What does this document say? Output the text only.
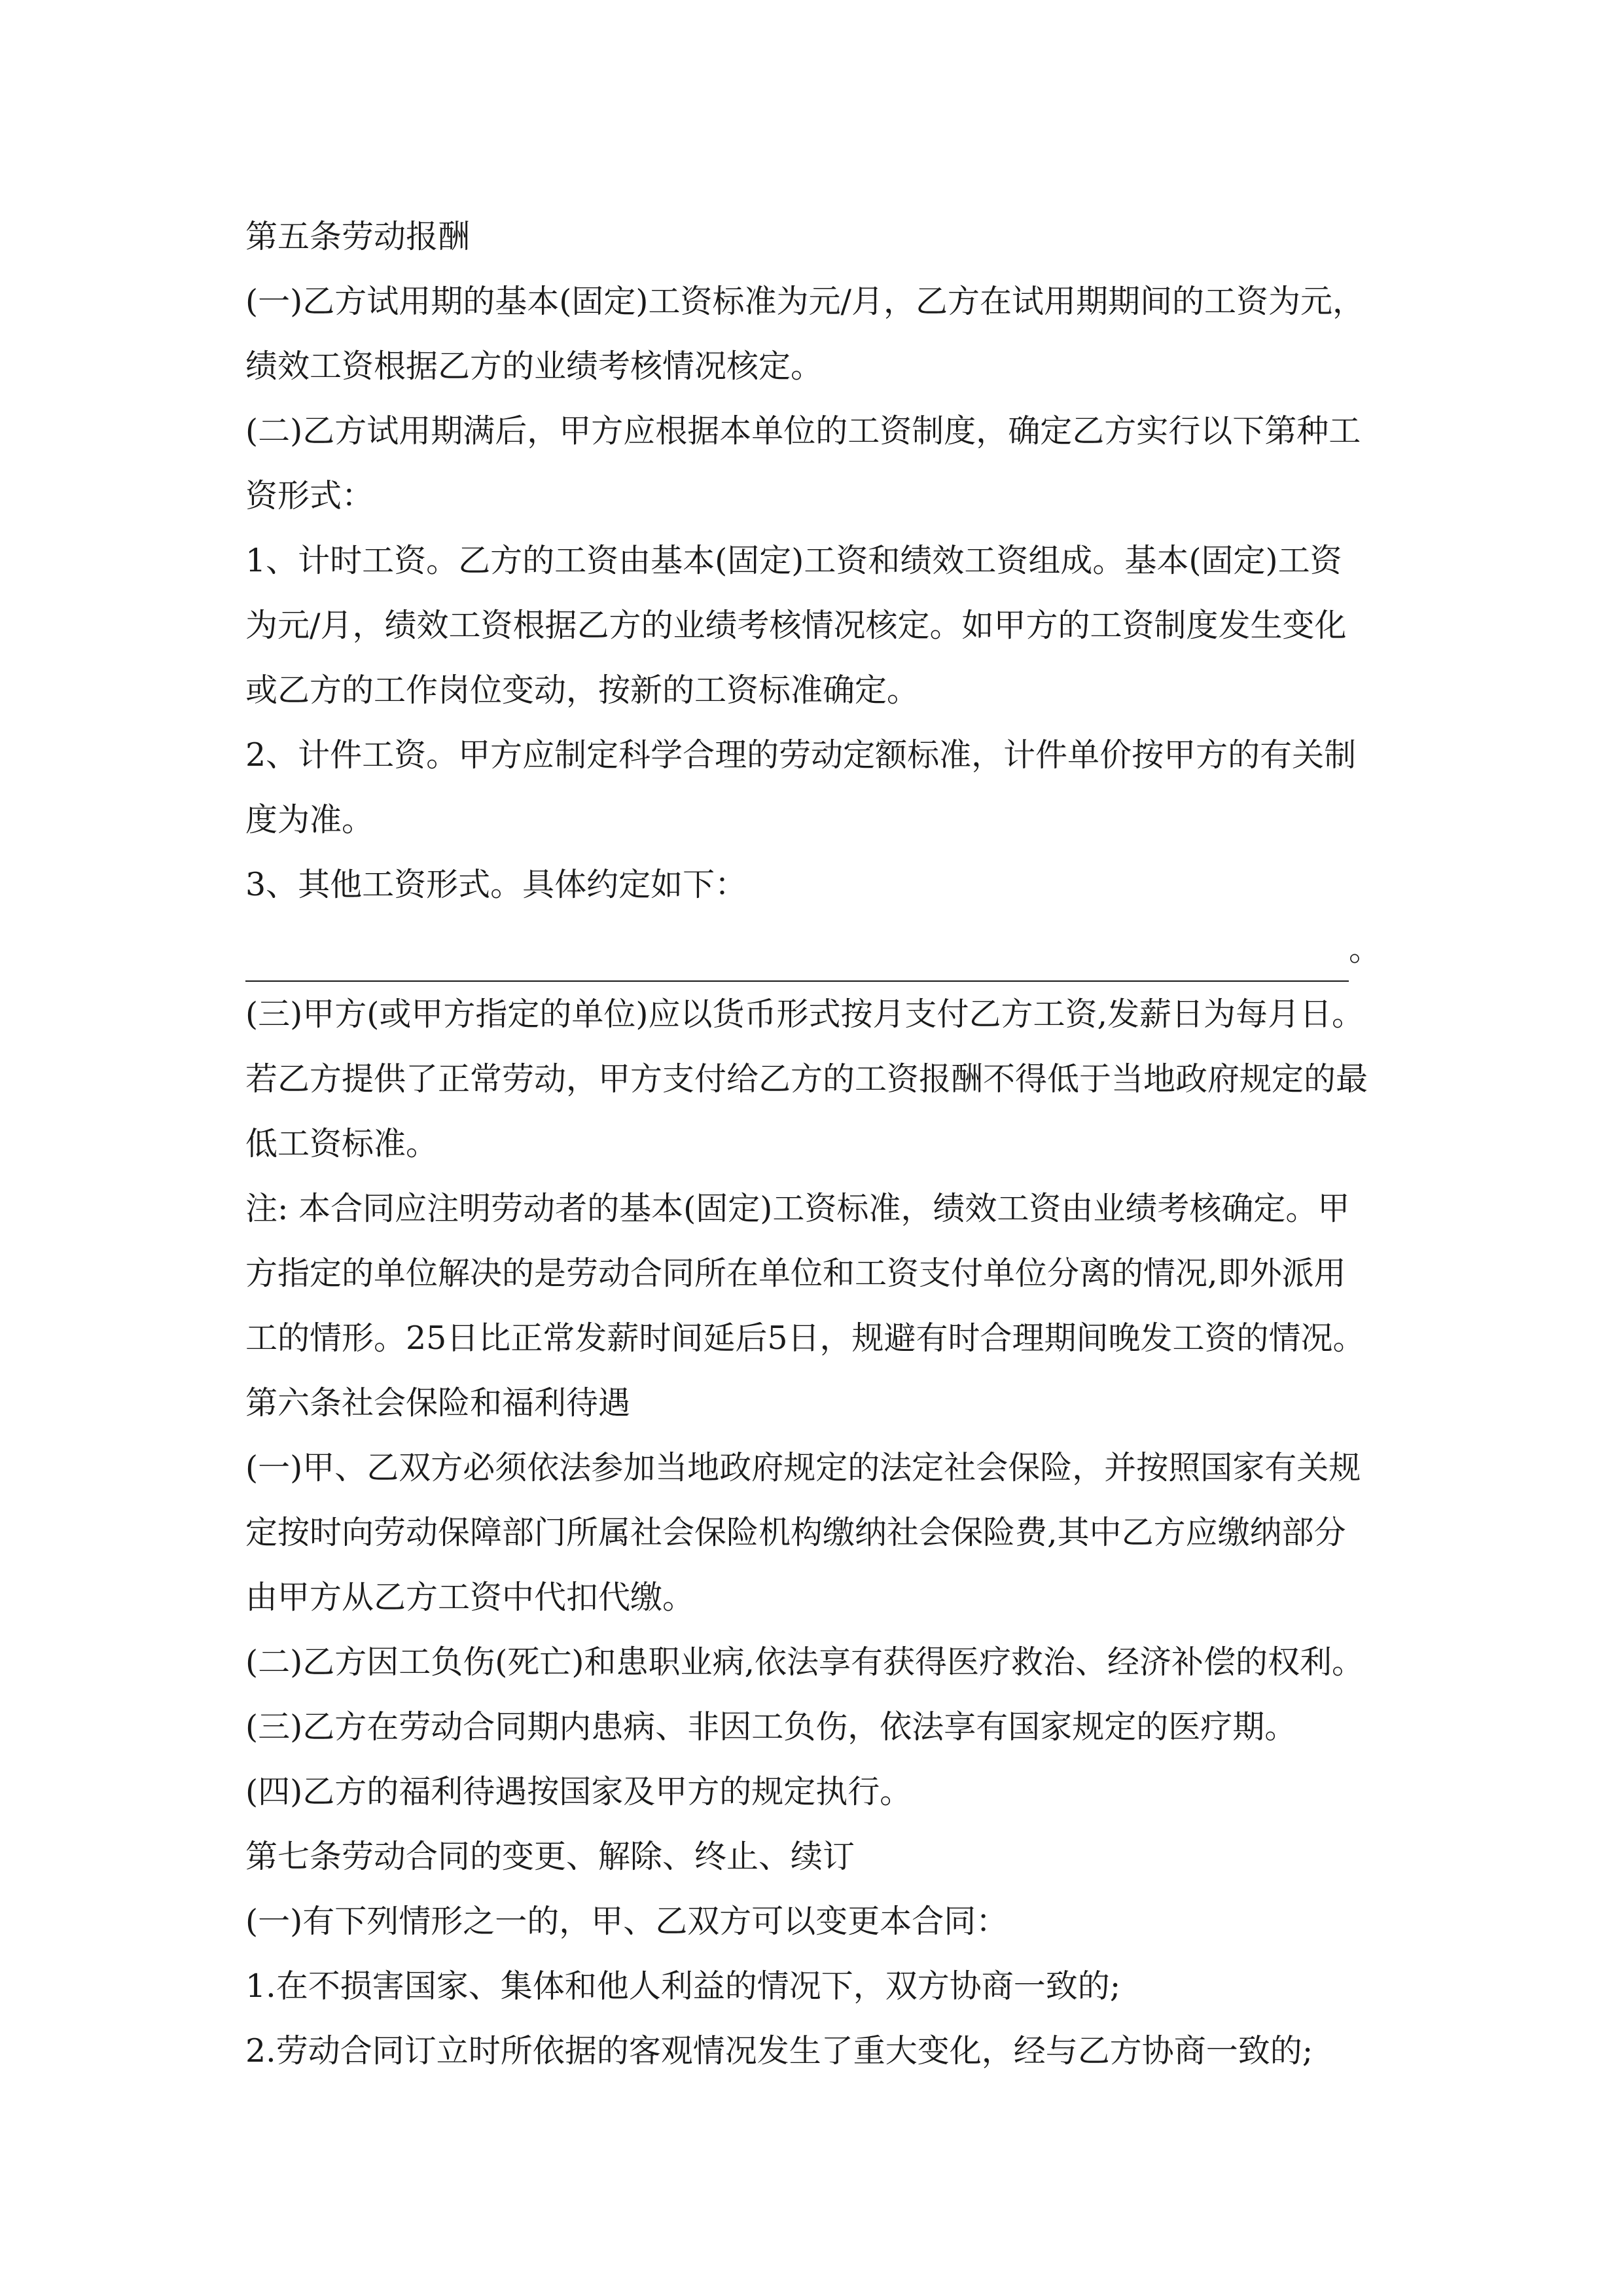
第五条劳动报酬

(一)乙方试用期的基本(固定)工资标准为元/月，乙方在试用期期间的工资为元，

绩效工资根据乙方的业绩考核情况核定。

(二)乙方试用期满后，甲方应根据本单位的工资制度，确定乙方实行以下第种工

资形式：

1、计时工资。乙方的工资由基本(固定)工资和绩效工资组成。基本(固定)工资

为元/月，绩效工资根据乙方的业绩考核情况核定。如甲方的工资制度发生变化

或乙方的工作岗位变动，按新的工资标准确定。

2、计件工资。甲方应制定科学合理的劳动定额标准，计件单价按甲方的有关制

度为准。

3、其他工资形式。具体约定如下：

。

(三)甲方(或甲方指定的单位)应以货币形式按月支付乙方工资,发薪日为每月日。

若乙方提供了正常劳动，甲方支付给乙方的工资报酬不得低于当地政府规定的最

低工资标准。

注: 本合同应注明劳动者的基本(固定)工资标准，绩效工资由业绩考核确定。甲

方指定的单位解决的是劳动合同所在单位和工资支付单位分离的情况,即外派用

工的情形。25日比正常发薪时间延后5日，规避有时合理期间晚发工资的情况。

第六条社会保险和福利待遇

(一)甲、乙双方必须依法参加当地政府规定的法定社会保险，并按照国家有关规

定按时向劳动保障部门所属社会保险机构缴纳社会保险费,其中乙方应缴纳部分

由甲方从乙方工资中代扣代缴。

(二)乙方因工负伤(死亡)和患职业病,依法享有获得医疗救治、经济补偿的权利。

(三)乙方在劳动合同期内患病、非因工负伤，依法享有国家规定的医疗期。

(四)乙方的福利待遇按国家及甲方的规定执行。

第七条劳动合同的变更、解除、终止、续订

(一)有下列情形之一的，甲、乙双方可以变更本合同：

1.在不损害国家、集体和他人利益的情况下，双方协商一致的;

2.劳动合同订立时所依据的客观情况发生了重大变化，经与乙方协商一致的;
